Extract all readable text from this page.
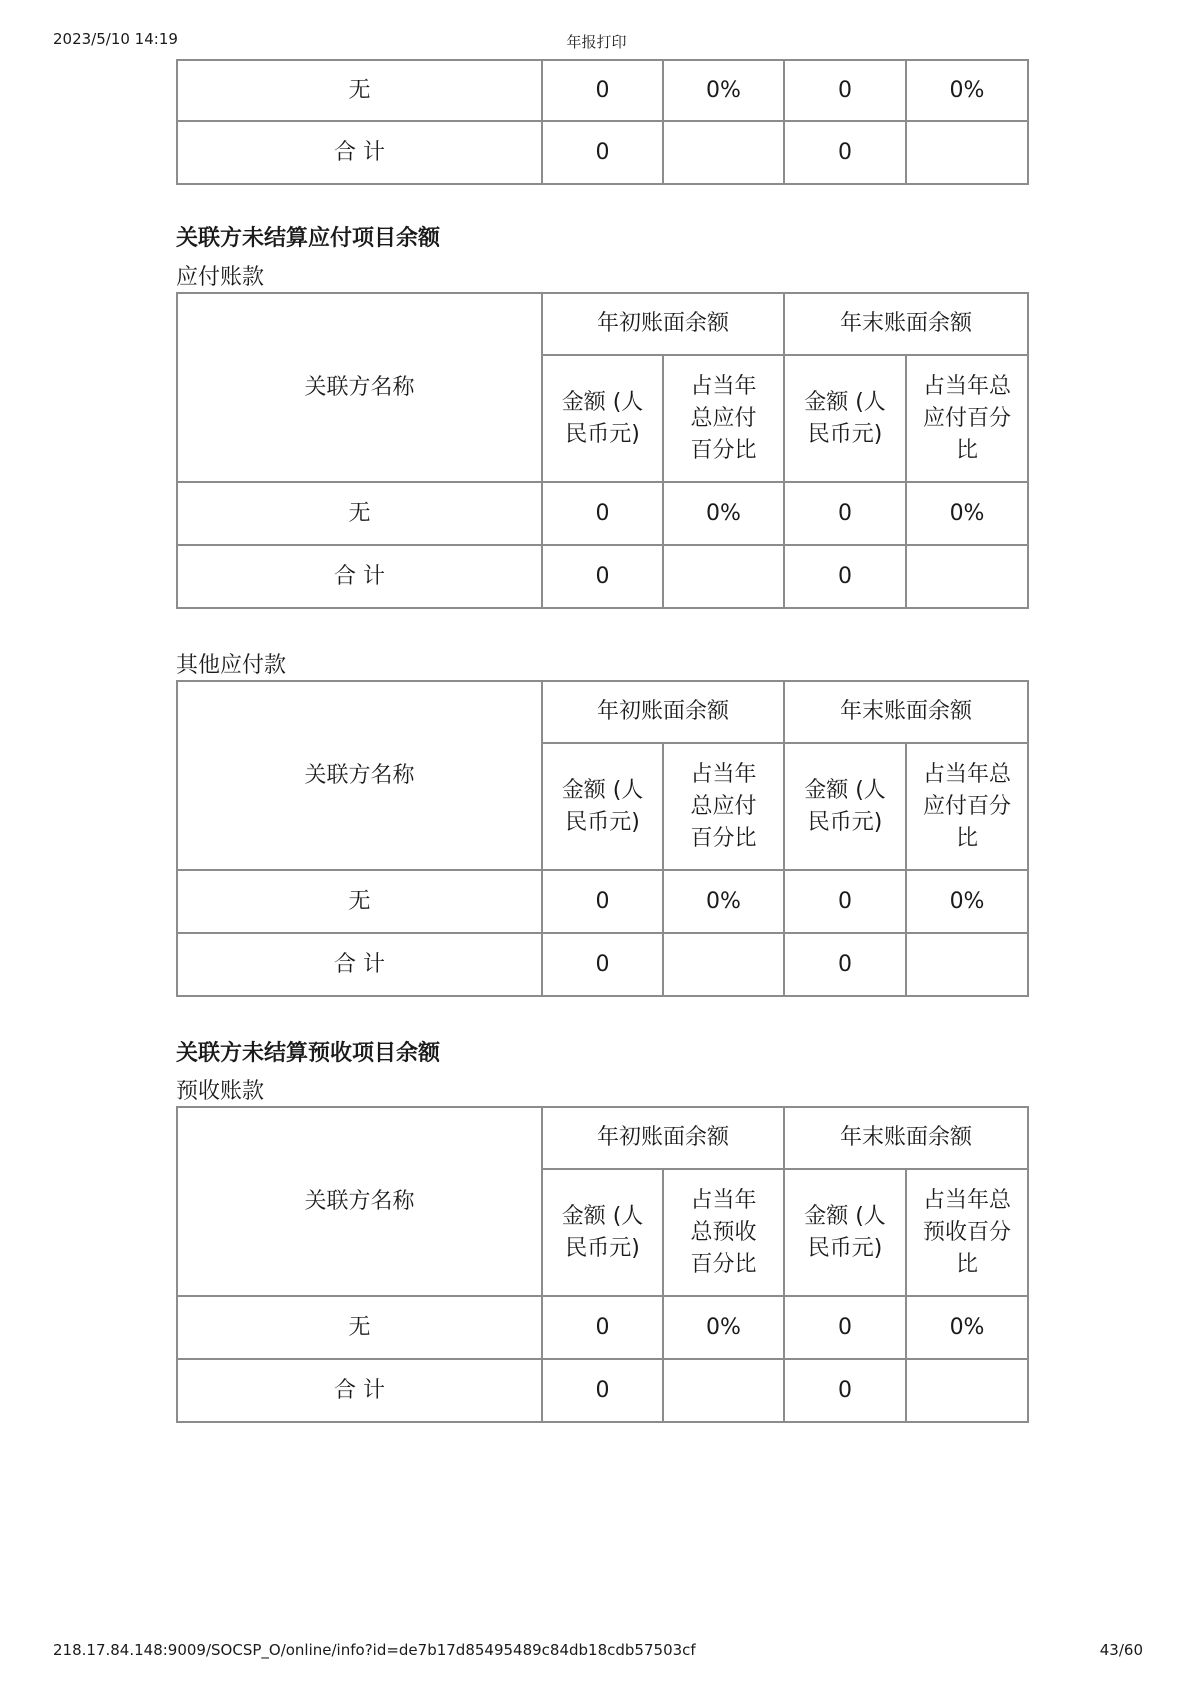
2023/5/10 14:19	年报打印
无	0	0%	0	0%
合 计	0		0	
关联方未结算应付项目余额
应付账款
关联方名称	年初账面余额		年末账面余额	
	金额 (人民币元)	占当年总应付百分比	金额 (人民币元)	占当年总应付百分比
无	0	0%	0	0%
合 计	0		0	
其他应付款
关联方名称	年初账面余额		年末账面余额	
	金额 (人民币元)	占当年总应付百分比	金额 (人民币元)	占当年总应付百分比
无	0	0%	0	0%
合 计	0		0	
关联方未结算预收项目余额
预收账款
关联方名称	年初账面余额		年末账面余额	
	金额 (人民币元)	占当年总预收百分比	金额 (人民币元)	占当年总预收百分比
无	0	0%	0	0%
合 计	0		0	
218.17.84.148:9009/SOCSP_O/online/info?id=de7b17d85495489c84db18cdb57503cf	43/60
